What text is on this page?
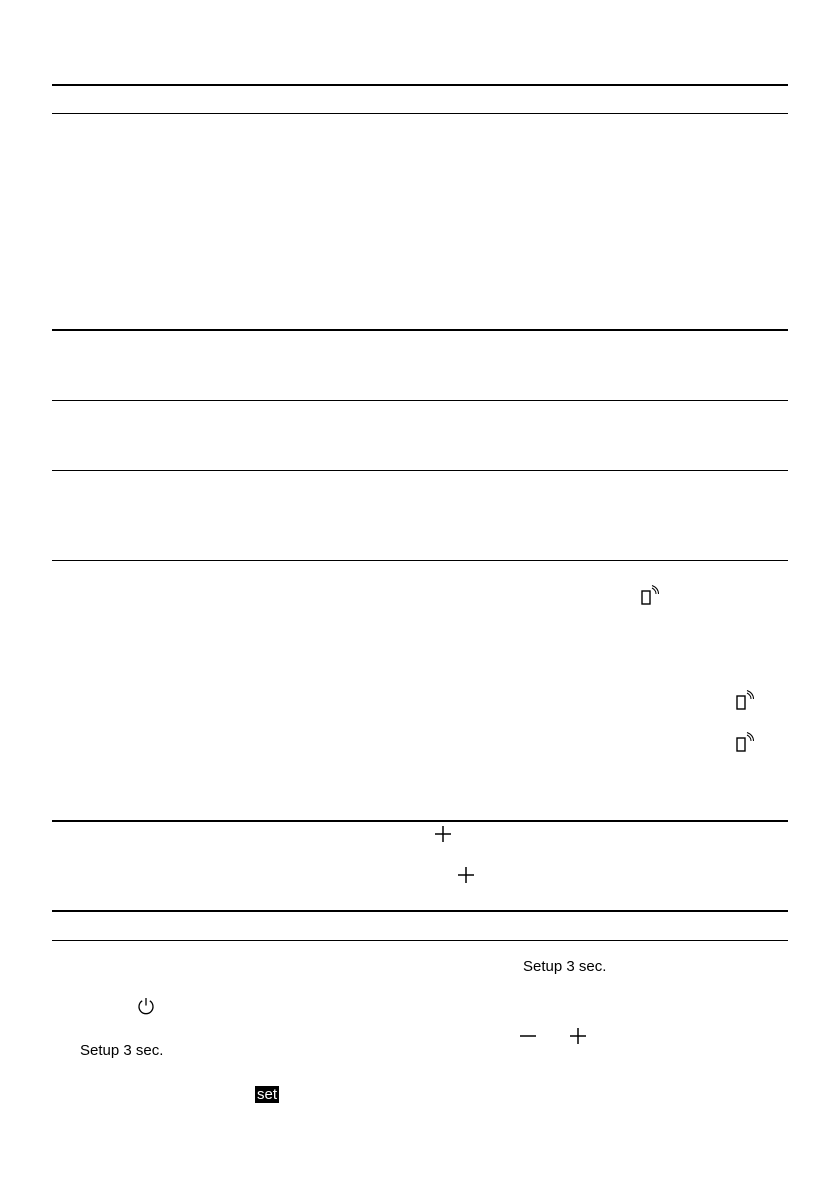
Setup 3 sec.
Setup 3 sec.
set
